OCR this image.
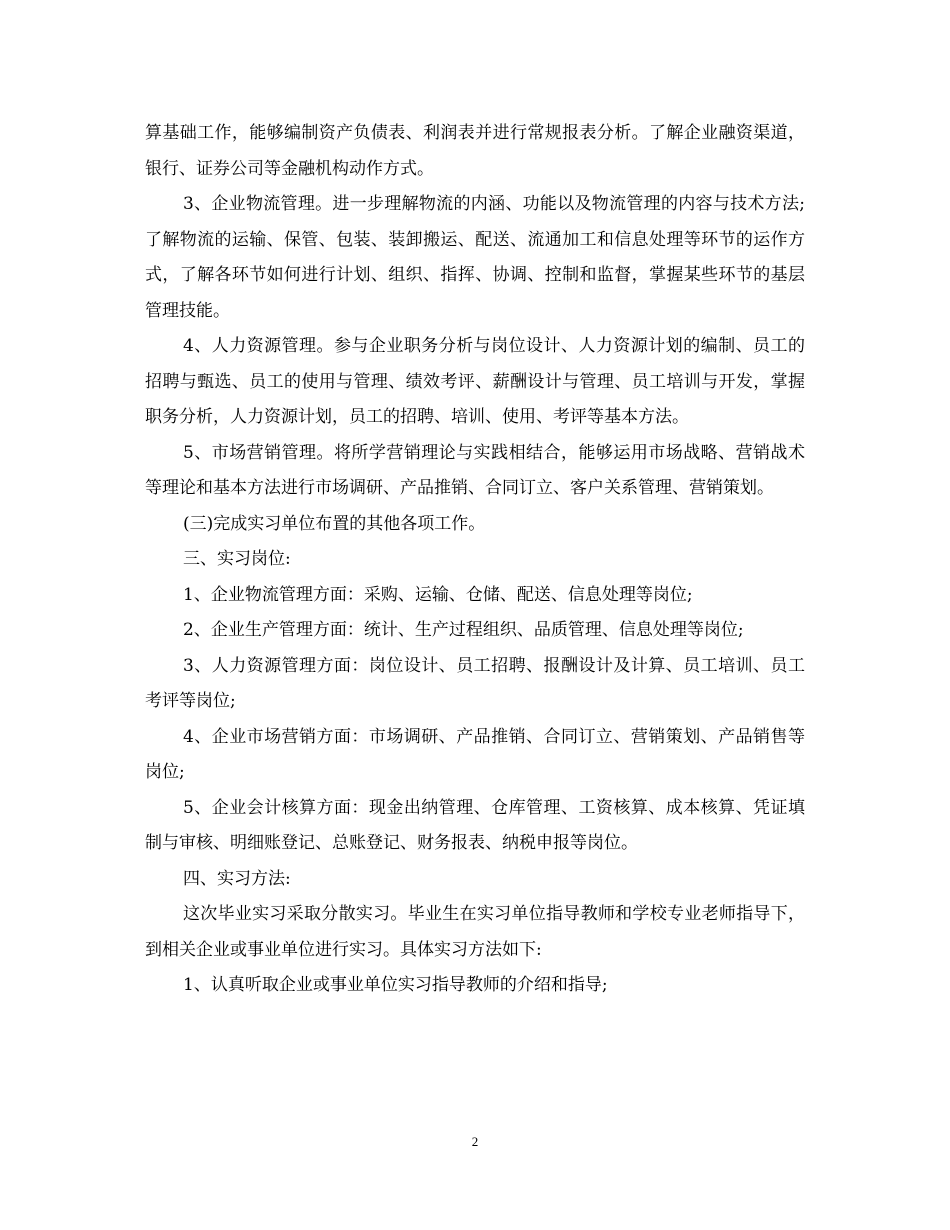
算基础工作，能够编制资产负债表、利润表并进行常规报表分析。了解企业融资渠道，银行、证券公司等金融机构动作方式。

3、企业物流管理。进一步理解物流的内涵、功能以及物流管理的内容与技术方法;了解物流的运输、保管、包装、装卸搬运、配送、流通加工和信息处理等环节的运作方式，了解各环节如何进行计划、组织、指挥、协调、控制和监督，掌握某些环节的基层管理技能。

4、人力资源管理。参与企业职务分析与岗位设计、人力资源计划的编制、员工的招聘与甄选、员工的使用与管理、绩效考评、薪酬设计与管理、员工培训与开发，掌握职务分析，人力资源计划，员工的招聘、培训、使用、考评等基本方法。

5、市场营销管理。将所学营销理论与实践相结合，能够运用市场战略、营销战术等理论和基本方法进行市场调研、产品推销、合同订立、客户关系管理、营销策划。

(三)完成实习单位布置的其他各项工作。

三、实习岗位:

1、企业物流管理方面：采购、运输、仓储、配送、信息处理等岗位;

2、企业生产管理方面：统计、生产过程组织、品质管理、信息处理等岗位;

3、人力资源管理方面：岗位设计、员工招聘、报酬设计及计算、员工培训、员工考评等岗位;

4、企业市场营销方面：市场调研、产品推销、合同订立、营销策划、产品销售等岗位;

5、企业会计核算方面：现金出纳管理、仓库管理、工资核算、成本核算、凭证填制与审核、明细账登记、总账登记、财务报表、纳税申报等岗位。

四、实习方法:

这次毕业实习采取分散实习。毕业生在实习单位指导教师和学校专业老师指导下，到相关企业或事业单位进行实习。具体实习方法如下:

1、认真听取企业或事业单位实习指导教师的介绍和指导;

2
